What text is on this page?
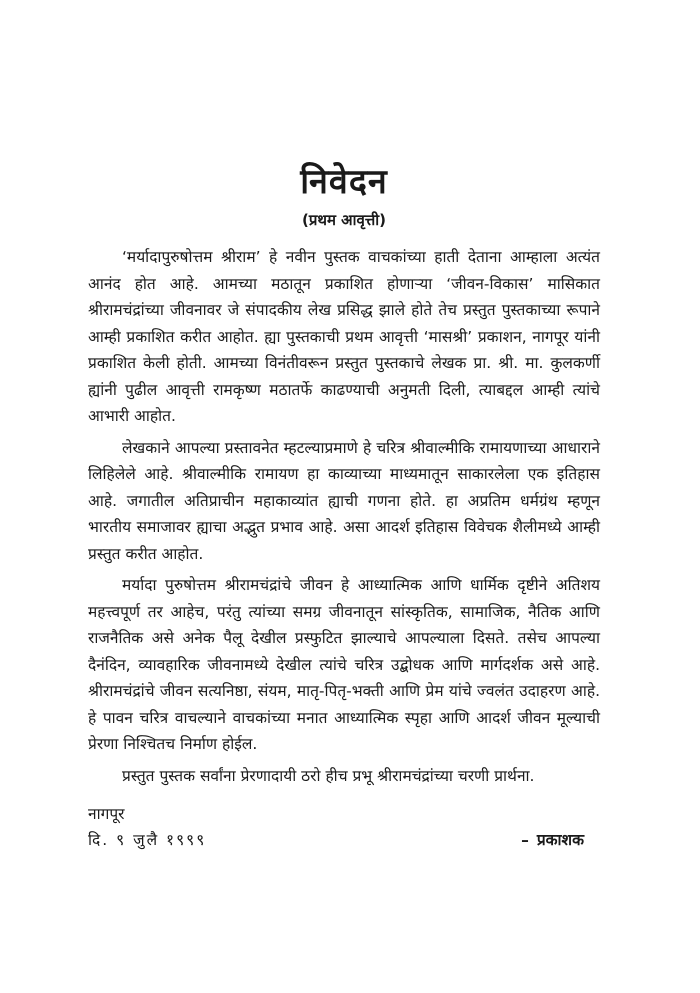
निवेदन
(प्रथम आवृत्ती)

‘मर्यादापुरुषोत्तम श्रीराम’ हे नवीन पुस्तक वाचकांच्या हाती देताना आम्हाला अत्यंत आनंद होत आहे. आमच्या मठातून प्रकाशित होणाऱ्या ‘जीवन-विकास’ मासिकात श्रीरामचंद्रांच्या जीवनावर जे संपादकीय लेख प्रसिद्ध झाले होते तेच प्रस्तुत पुस्तकाच्या रूपाने आम्ही प्रकाशित करीत आहोत. ह्या पुस्तकाची प्रथम आवृत्ती ‘मासश्री’ प्रकाशन, नागपूर यांनी प्रकाशित केली होती. आमच्या विनंतीवरून प्रस्तुत पुस्तकाचे लेखक प्रा. श्री. मा. कुलकर्णी ह्यांनी पुढील आवृत्ती रामकृष्ण मठातर्फे काढण्याची अनुमती दिली, त्याबद्दल आम्ही त्यांचे आभारी आहोत.

लेखकाने आपल्या प्रस्तावनेत म्हटल्याप्रमाणे हे चरित्र श्रीवाल्मीकि रामायणाच्या आधाराने लिहिलेले आहे. श्रीवाल्मीकि रामायण हा काव्याच्या माध्यमातून साकारलेला एक इतिहास आहे. जगातील अतिप्राचीन महाकाव्यांत ह्याची गणना होते. हा अप्रतिम धर्मग्रंथ म्हणून भारतीय समाजावर ह्याचा अद्भुत प्रभाव आहे. असा आदर्श इतिहास विवेचक शैलीमध्ये आम्ही प्रस्तुत करीत आहोत.

मर्यादा पुरुषोत्तम श्रीरामचंद्रांचे जीवन हे आध्यात्मिक आणि धार्मिक दृष्टीने अतिशय महत्त्वपूर्ण तर आहेच, परंतु त्यांच्या समग्र जीवनातून सांस्कृतिक, सामाजिक, नैतिक आणि राजनैतिक असे अनेक पैलू देखील प्रस्फुटित झाल्याचे आपल्याला दिसते. तसेच आपल्या दैनंदिन, व्यावहारिक जीवनामध्ये देखील त्यांचे चरित्र उद्बोधक आणि मार्गदर्शक असे आहे. श्रीरामचंद्रांचे जीवन सत्यनिष्ठा, संयम, मातृ-पितृ-भक्ती आणि प्रेम यांचे ज्वलंत उदाहरण आहे. हे पावन चरित्र वाचल्याने वाचकांच्या मनात आध्यात्मिक स्पृहा आणि आदर्श जीवन मूल्याची प्रेरणा निश्चितच निर्माण होईल.

प्रस्तुत पुस्तक सर्वांना प्रेरणादायी ठरो हीच प्रभू श्रीरामचंद्रांच्या चरणी प्रार्थना.

नागपूर

दि. ९ जुलै १९९९	– प्रकाशक
